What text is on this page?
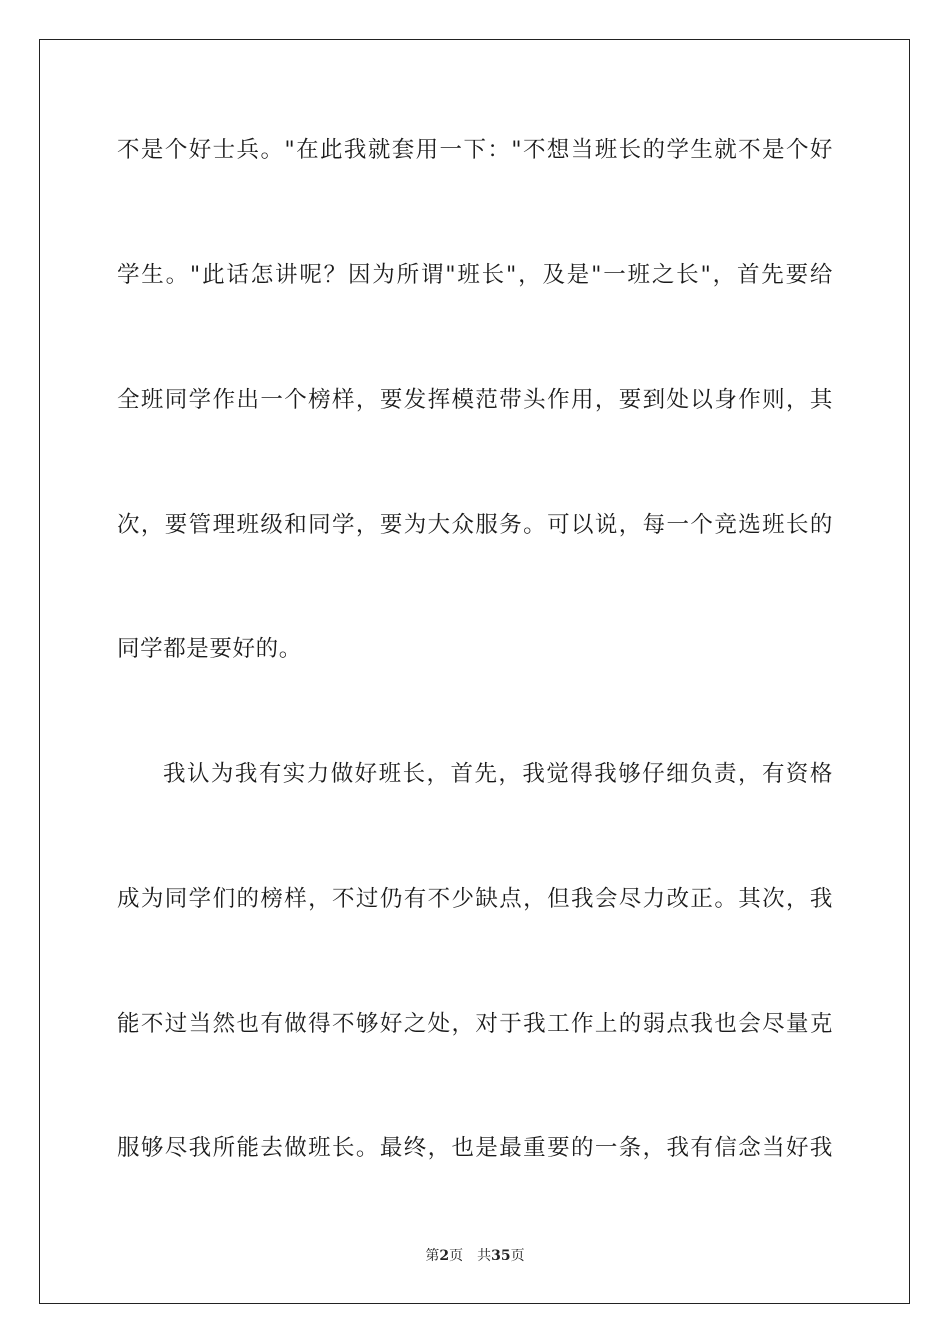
不是个好士兵。"在此我就套用一下："不想当班长的学生就不是个好
学生。"此话怎讲呢？因为所谓"班长"，及是"一班之长"，首先要给
全班同学作出一个榜样，要发挥模范带头作用，要到处以身作则，其
次，要管理班级和同学，要为大众服务。可以说，每一个竞选班长的
同学都是要好的。
我认为我有实力做好班长，首先，我觉得我够仔细负责，有资格
成为同学们的榜样，不过仍有不少缺点，但我会尽力改正。其次，我
能不过当然也有做得不够好之处，对于我工作上的弱点我也会尽量克
服够尽我所能去做班长。最终，也是最重要的一条，我有信念当好我
第2页 共35页
